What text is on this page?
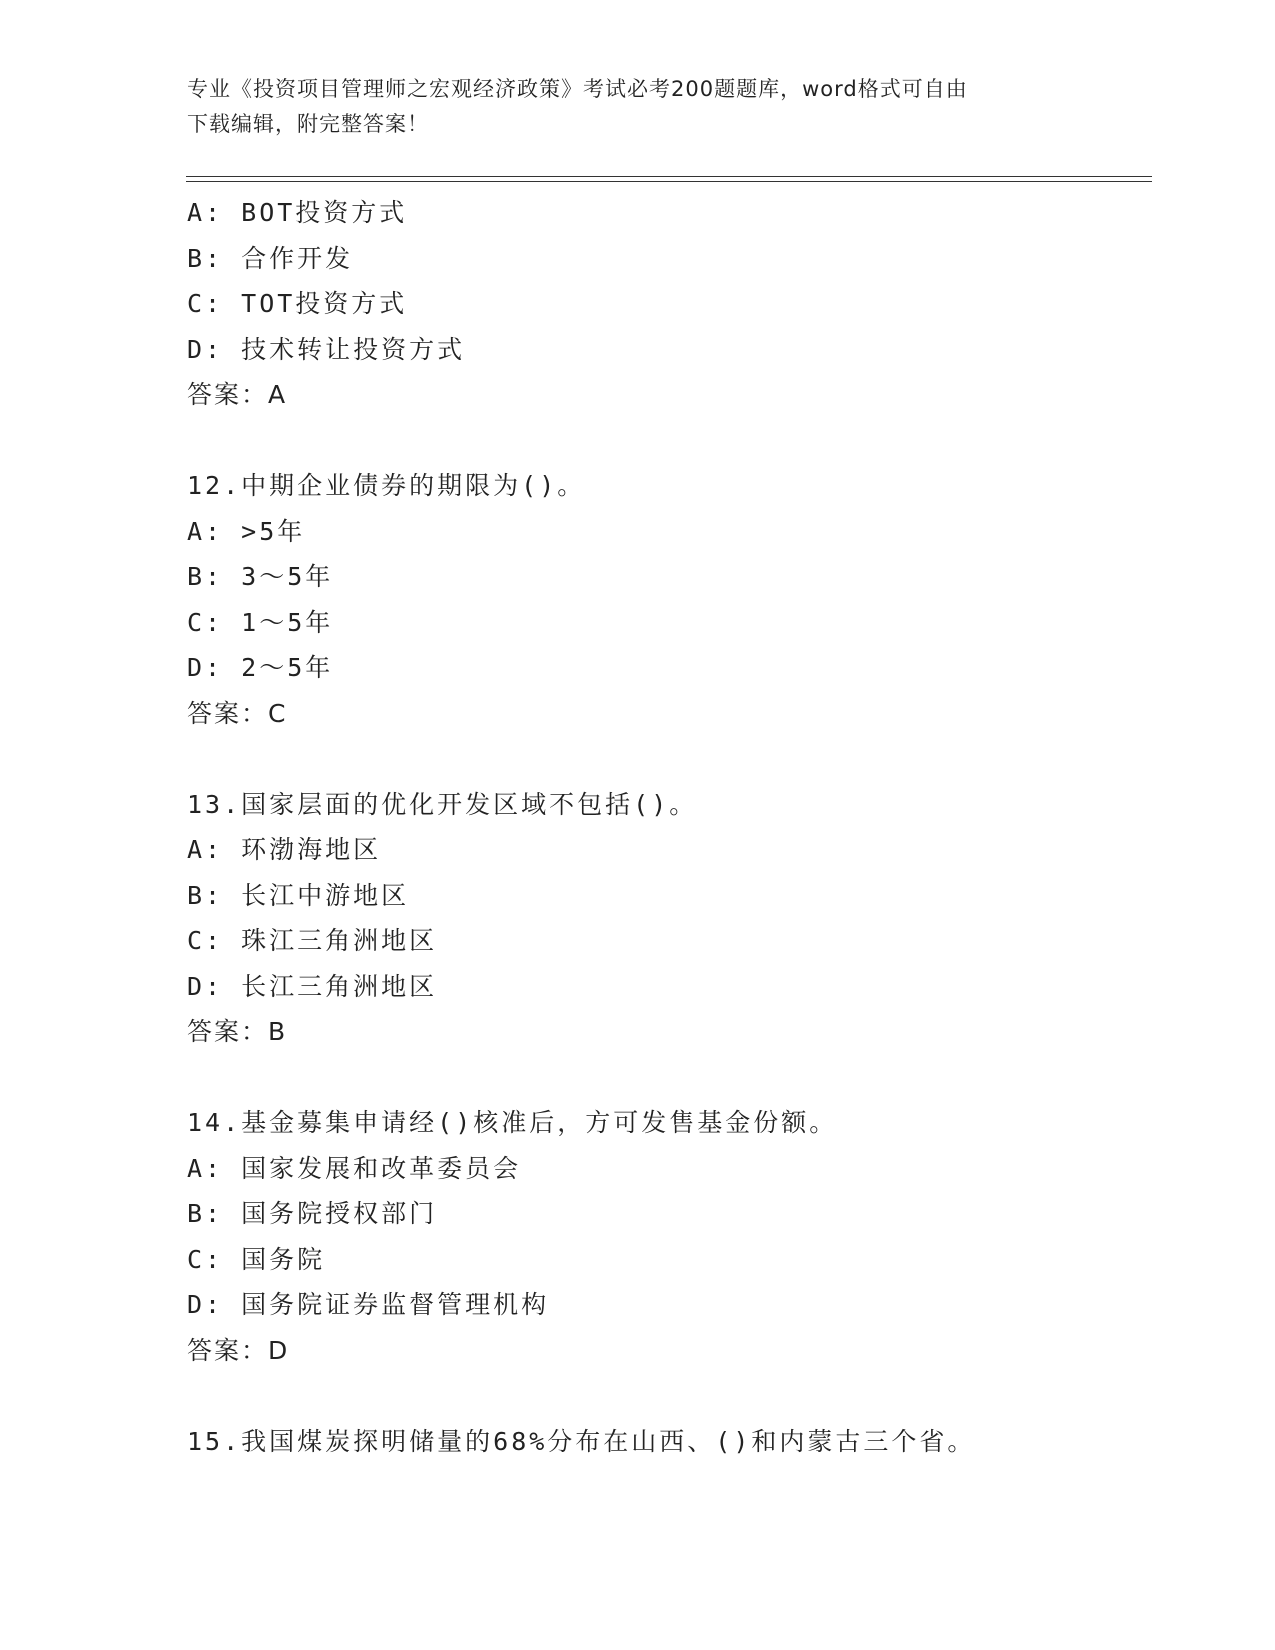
专业《投资项目管理师之宏观经济政策》考试必考200题题库，word格式可自由
下载编辑，附完整答案！
A: BOT投资方式
B: 合作开发
C: TOT投资方式
D: 技术转让投资方式
答案：A
12.中期企业债券的期限为()。
A: >5年
B: 3～5年
C: 1～5年
D: 2～5年
答案：C
13.国家层面的优化开发区域不包括()。
A: 环渤海地区
B: 长江中游地区
C: 珠江三角洲地区
D: 长江三角洲地区
答案：B
14.基金募集申请经()核准后，方可发售基金份额。
A: 国家发展和改革委员会
B: 国务院授权部门
C: 国务院
D: 国务院证券监督管理机构
答案：D
15.我国煤炭探明储量的68%分布在山西、()和内蒙古三个省。
